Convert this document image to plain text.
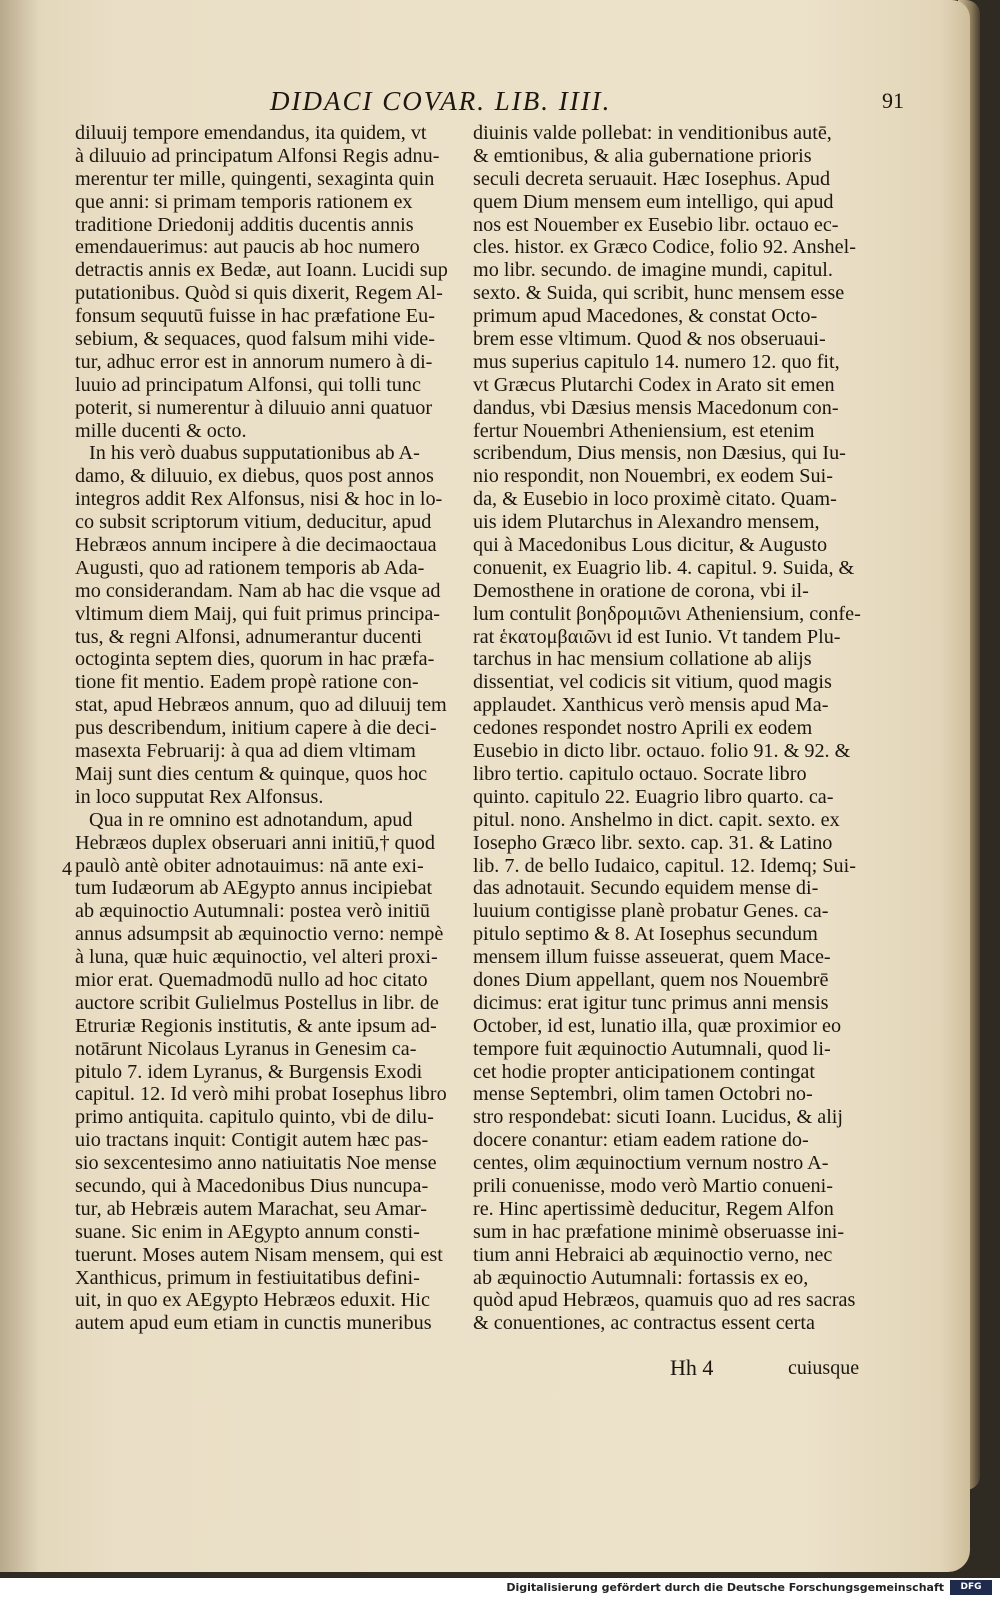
DIDACI COVAR. LIB. IIII.	91
diluuij tempore emendandus, ita quidem, vt
à diluuio ad principatum Alfonsi Regis adnu-
merentur ter mille, quingenti, sexaginta quin
que anni: si primam temporis rationem ex
traditione Driedonij additis ducentis annis
emendauerimus: aut paucis ab hoc numero
detractis annis ex Bedæ, aut Ioann. Lucidi sup
putationibus. Quòd si quis dixerit, Regem Al-
fonsum sequutū fuisse in hac præfatione Eu-
sebium, & sequaces, quod falsum mihi vide-
tur, adhuc error est in annorum numero à di-
luuio ad principatum Alfonsi, qui tolli tunc
poterit, si numerentur à diluuio anni quatuor
mille ducenti & octo.
In his verò duabus supputationibus ab A-
damo, & diluuio, ex diebus, quos post annos
integros addit Rex Alfonsus, nisi & hoc in lo-
co subsit scriptorum vitium, deducitur, apud
Hebræos annum incipere à die decimaoctaua
Augusti, quo ad rationem temporis ab Ada-
mo considerandam. Nam ab hac die vsque ad
vltimum diem Maij, qui fuit primus principa-
tus, & regni Alfonsi, adnumerantur ducenti
octoginta septem dies, quorum in hac præfa-
tione fit mentio. Eadem propè ratione con-
stat, apud Hebræos annum, quo ad diluuij tem
pus describendum, initium capere à die deci-
masexta Februarij: à qua ad diem vltimam
Maij sunt dies centum & quinque, quos hoc
in loco supputat Rex Alfonsus.
Qua in re omnino est adnotandum, apud
Hebræos duplex obseruari anni initiū,† quod
paulò antè obiter adnotauimus: nā ante exi-
tum Iudæorum ab AEgypto annus incipiebat
ab æquinoctio Autumnali: postea verò initiū
annus adsumpsit ab æquinoctio verno: nempè
à luna, quæ huic æquinoctio, vel alteri proxi-
mior erat. Quemadmodū nullo ad hoc citato
auctore scribit Gulielmus Postellus in libr. de
Etruriæ Regionis institutis, & ante ipsum ad-
notārunt Nicolaus Lyranus in Genesim ca-
pitulo 7. idem Lyranus, & Burgensis Exodi
capitul. 12. Id verò mihi probat Iosephus libro
primo antiquita. capitulo quinto, vbi de dilu-
uio tractans inquit: Contigit autem hæc pas-
sio sexcentesimo anno natiuitatis Noe mense
secundo, qui à Macedonibus Dius nuncupa-
tur, ab Hebræis autem Marachat, seu Amar-
suane. Sic enim in AEgypto annum consti-
tuerunt. Moses autem Nisam mensem, qui est
Xanthicus, primum in festiuitatibus defini-
uit, in quo ex AEgypto Hebræos eduxit. Hic
autem apud eum etiam in cunctis muneribus
diuinis valde pollebat: in venditionibus autē,
& emtionibus, & alia gubernatione prioris
seculi decreta seruauit. Hæc Iosephus. Apud
quem Dium mensem eum intelligo, qui apud
nos est Nouember ex Eusebio libr. octauo ec-
cles. histor. ex Græco Codice, folio 92. Anshel-
mo libr. secundo. de imagine mundi, capitul.
sexto. & Suida, qui scribit, hunc mensem esse
primum apud Macedones, & constat Octo-
brem esse vltimum. Quod & nos obseruaui-
mus superius capitulo 14. numero 12. quo fit,
vt Græcus Plutarchi Codex in Arato sit emen
dandus, vbi Dæsius mensis Macedonum con-
fertur Nouembri Atheniensium, est etenim
scribendum, Dius mensis, non Dæsius, qui Iu-
nio respondit, non Nouembri, ex eodem Sui-
da, & Eusebio in loco proximè citato. Quam-
uis idem Plutarchus in Alexandro mensem,
qui à Macedonibus Lous dicitur, & Augusto
conuenit, ex Euagrio lib. 4. capitul. 9. Suida, &
Demosthene in oratione de corona, vbi il-
lum contulit βοηδρομιῶνι Atheniensium, confe-
rat ἑκατομβαιῶνι id est Iunio. Vt tandem Plu-
tarchus in hac mensium collatione ab alijs
dissentiat, vel codicis sit vitium, quod magis
applaudet. Xanthicus verò mensis apud Ma-
cedones respondet nostro Aprili ex eodem
Eusebio in dicto libr. octauo. folio 91. & 92. &
libro tertio. capitulo octauo. Socrate libro
quinto. capitulo 22. Euagrio libro quarto. ca-
pitul. nono. Anshelmo in dict. capit. sexto. ex
Iosepho Græco libr. sexto. cap. 31. & Latino
lib. 7. de bello Iudaico, capitul. 12. Idemq; Sui-
das adnotauit. Secundo equidem mense di-
luuium contigisse planè probatur Genes. ca-
pitulo septimo & 8. At Iosephus secundum
mensem illum fuisse asseuerat, quem Mace-
dones Dium appellant, quem nos Nouembrē
dicimus: erat igitur tunc primus anni mensis
October, id est, lunatio illa, quæ proximior eo
tempore fuit æquinoctio Autumnali, quod li-
cet hodie propter anticipationem contingat
mense Septembri, olim tamen Octobri no-
stro respondebat: sicuti Ioann. Lucidus, & alij
docere conantur: etiam eadem ratione do-
centes, olim æquinoctium vernum nostro A-
prili conuenisse, modo verò Martio conueni-
re. Hinc apertissimè deducitur, Regem Alfon
sum in hac præfatione minimè obseruasse ini-
tium anni Hebraici ab æquinoctio verno, nec
ab æquinoctio Autumnali: fortassis ex eo,
quòd apud Hebræos, quamuis quo ad res sacras
& conuentiones, ac contractus essent certa
4
Hh 4	cuiusque
Digitalisierung gefördert durch die Deutsche Forschungsgemeinschaft	DFG
